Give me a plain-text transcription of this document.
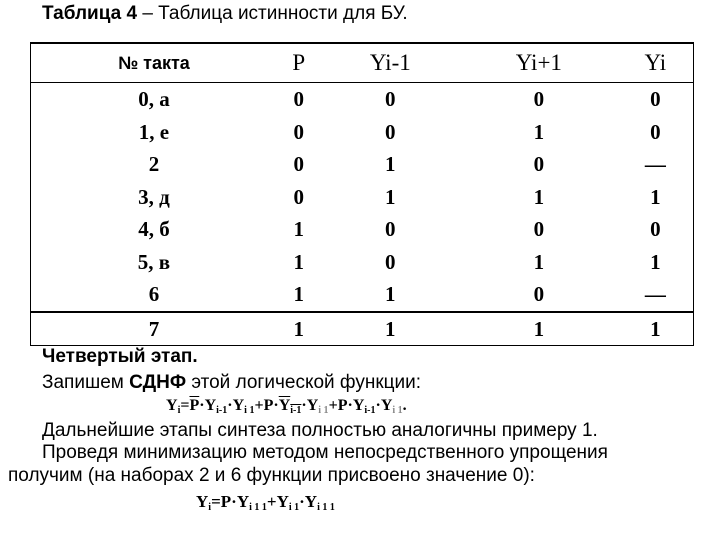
Таблица 4 – Таблица истинности для БУ.
№ такта	P	Yi-1	Yi+1	Yi
0, а	0	0	0	0
1, е	0	0	1	0
2	0	1	0	—
3, д	0	1	1	1
4, б	1	0	0	0
5, в	1	0	1	1
6	1	1	0	—
7	1	1	1	1
Четвертый этап.
Запишем СДНФ этой логической функции:
$Y_i=\overline{P}\cdot Y_{i-1}\cdot Y_{i 1}+P\cdot\overline{Y}_{i-1}\cdot Y_{i 1}+P\cdot Y_{i-1}\cdot Y_{i 1}$.
Дальнейшие этапы синтеза полностью аналогичны примеру 1.
Проведя минимизацию методом непосредственного упрощения
получим (на наборах 2 и 6 функции присвоено значение 0):
$Y_i=P\cdot Y_{i 1 1}+Y_{i 1}\cdot Y_{i 1 1}$
